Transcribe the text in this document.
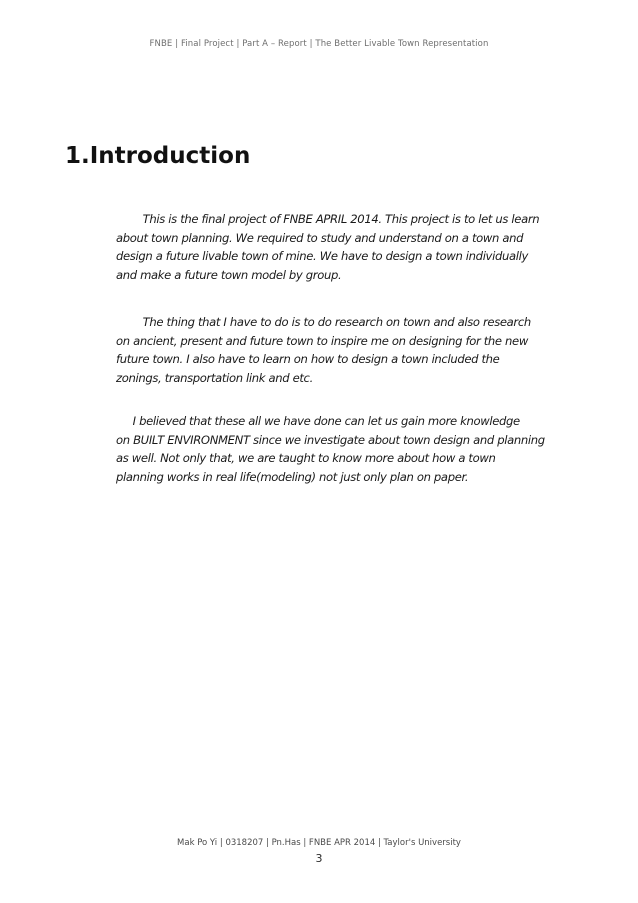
FNBE | Final Project | Part A – Report | The Better Livable Town Representation
1.Introduction

This is the final project of FNBE APRIL 2014. This project is to let us learn
about town planning. We required to study and understand on a town and
design a future livable town of mine. We have to design a town individually
and make a future town model by group.

The thing that I have to do is to do research on town and also research
on ancient, present and future town to inspire me on designing for the new
future town. I also have to learn on how to design a town included the
zonings, transportation link and etc.

I believed that these all we have done can let us gain more knowledge
on BUILT ENVIRONMENT since we investigate about town design and planning
as well. Not only that, we are taught to know more about how a town
planning works in real life(modeling) not just only plan on paper.

Mak Po Yi | 0318207 | Pn.Has | FNBE APR 2014 | Taylor's University
3
